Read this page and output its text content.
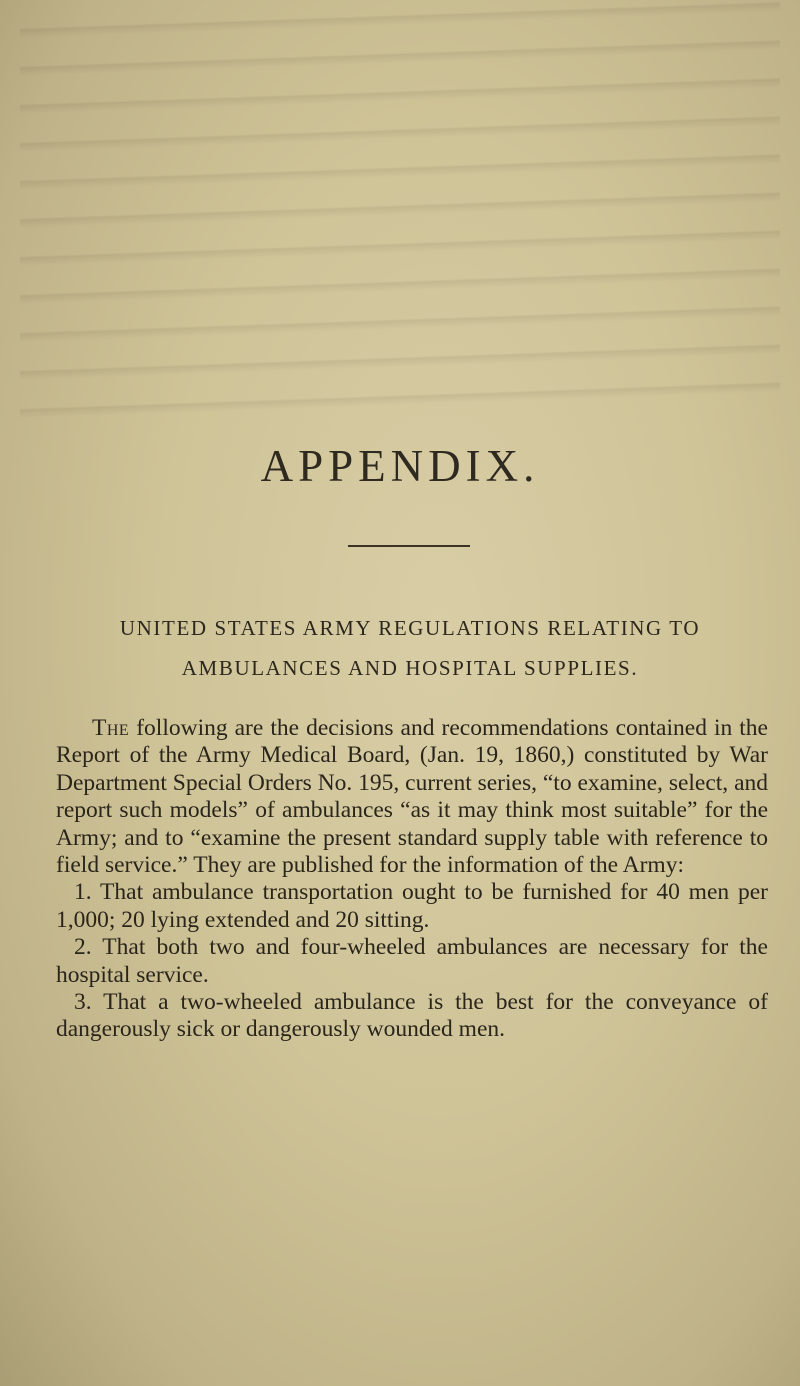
APPENDIX.
UNITED STATES ARMY REGULATIONS RELATING TO
AMBULANCES AND HOSPITAL SUPPLIES.

The following are the decisions and recommendations contained in the Report of the Army Medical Board, (Jan. 19, 1860,) constituted by War Department Special Orders No. 195, current series, “to examine, select, and report such models” of ambulances “as it may think most suitable” for the Army; and to “examine the present standard supply table with reference to field service.” They are published for the information of the Army:

1. That ambulance transportation ought to be furnished for 40 men per 1,000; 20 lying extended and 20 sitting.

2. That both two and four-wheeled ambulances are necessary for the hospital service.

3. That a two-wheeled ambulance is the best for the conveyance of dangerously sick or dangerously wounded men.
